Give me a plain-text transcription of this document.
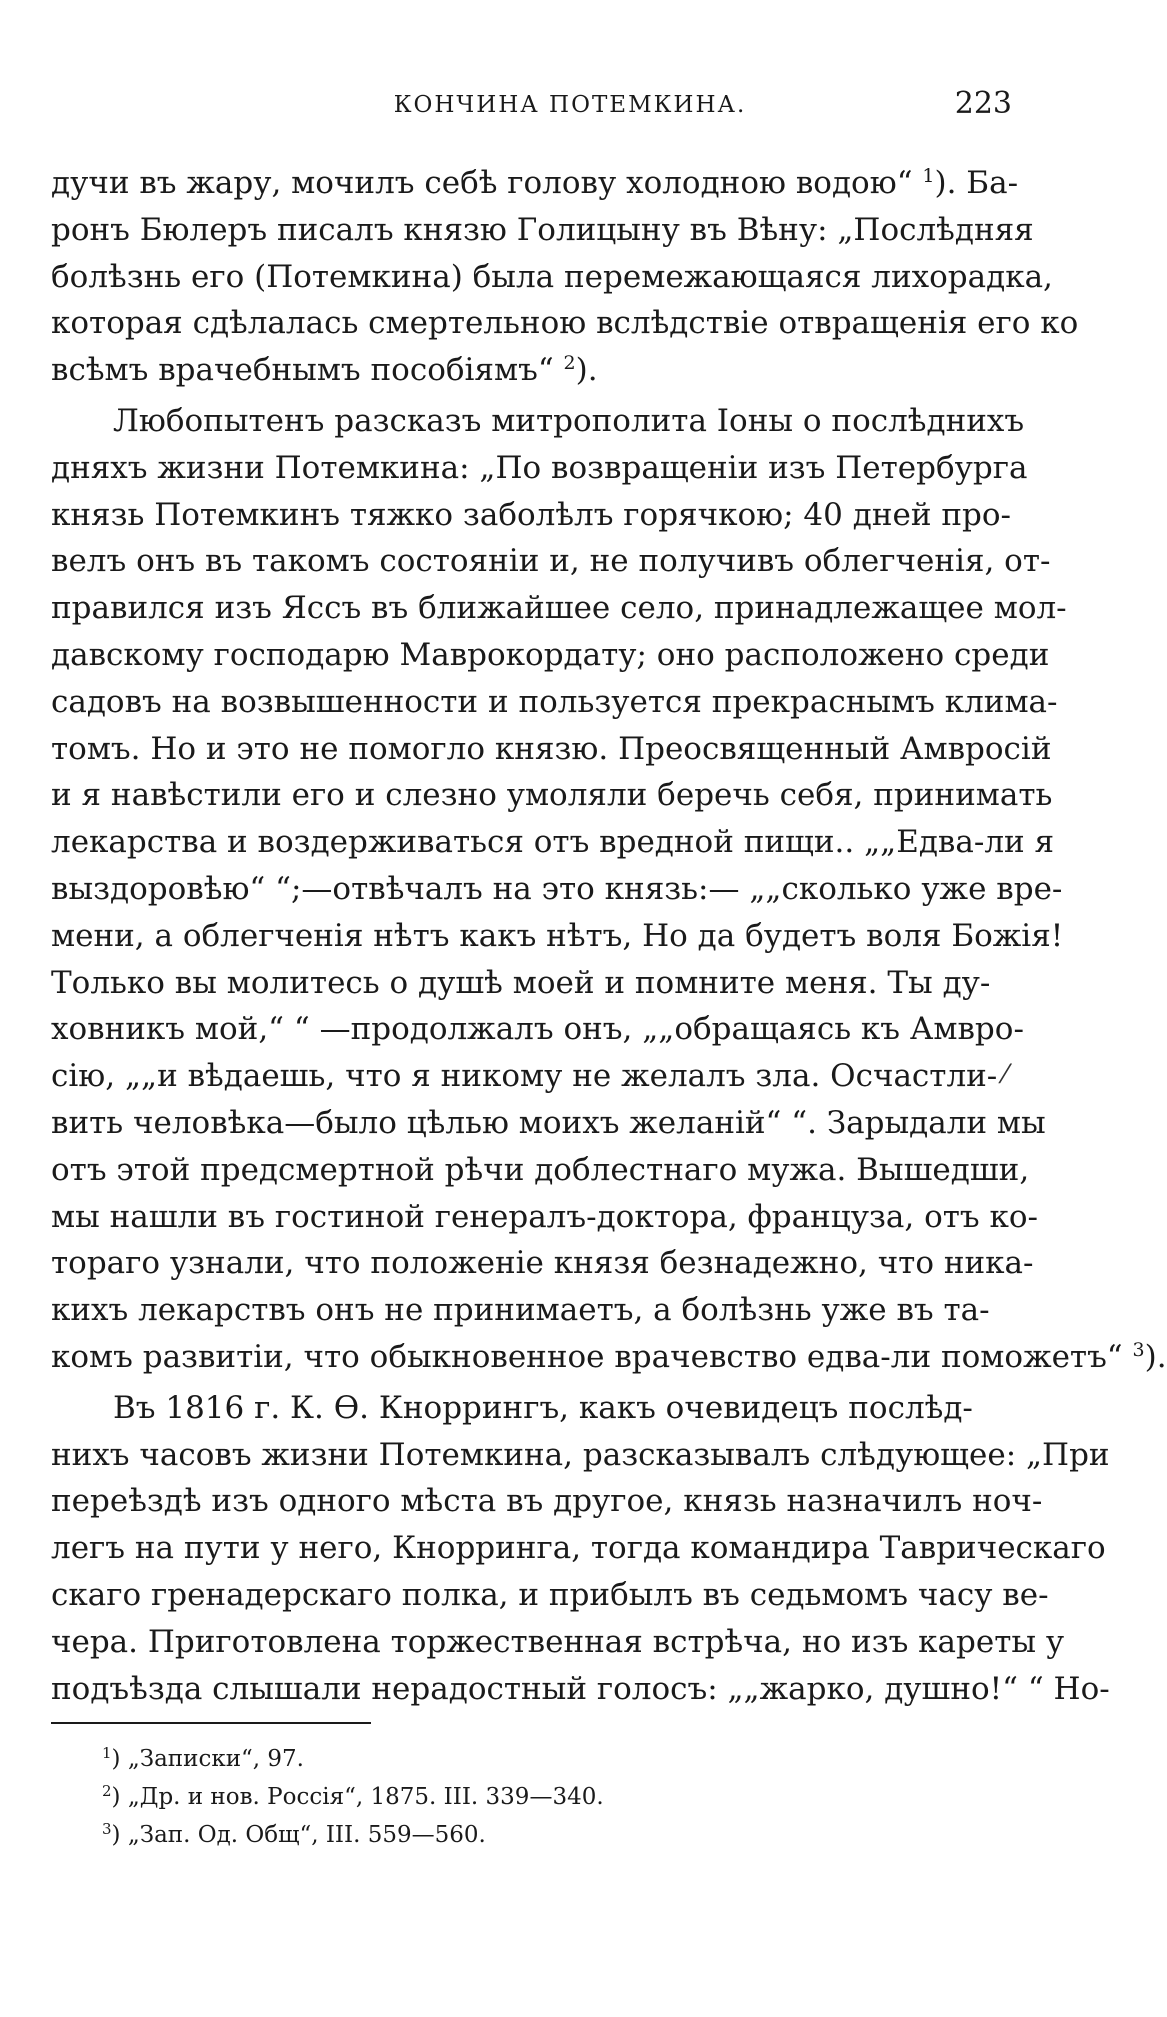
КОНЧИНА ПОТЕМКИНА.	223
дучи въ жару, мочилъ себѣ голову холодною водою“ $^1$). Ба-
ронъ Бюлеръ писалъ князю Голицыну въ Вѣну: „Послѣдняя
болѣзнь его (Потемкина) была перемежающаяся лихорадка,
которая сдѣлалась смертельною вслѣдствіе отвращенія его ко
всѣмъ врачебнымъ пособіямъ“ $^2$).
Любопытенъ разсказъ митрополита Іоны о послѣднихъ
дняхъ жизни Потемкина: „По возвращеніи изъ Петербурга
князь Потемкинъ тяжко заболѣлъ горячкою; 40 дней про-
велъ онъ въ такомъ состояніи и, не получивъ облегченія, от-
правился изъ Яссъ въ ближайшее село, принадлежащее мол-
давскому господарю Маврокордату; оно расположено среди
садовъ на возвышенности и пользуется прекраснымъ клима-
томъ. Но и это не помогло князю. Преосвященный Амвросій
и я навѣстили его и слезно умоляли беречь себя, принимать
лекарства и воздерживаться отъ вредной пищи.. „„Едва-ли я
выздоровѣю“ “;—отвѣчалъ на это князь:— „„сколько уже вре-
мени, а облегченія нѣтъ какъ нѣтъ, Но да будетъ воля Божія!
Только вы молитесь о душѣ моей и помните меня. Ты ду-
ховникъ мой,“ “ —продолжалъ онъ, „„обращаясь къ Амвро-
сію, „„и вѣдаешь, что я никому не желалъ зла. Осчастли-
вить человѣка—было цѣлью моихъ желаній“ “. Зарыдали мы
отъ этой предсмертной рѣчи доблестнаго мужа. Вышедши,
мы нашли въ гостиной генералъ-доктора, француза, отъ ко-
тораго узнали, что положеніе князя безнадежно, что ника-
кихъ лекарствъ онъ не принимаетъ, а болѣзнь уже въ та-
комъ развитіи, что обыкновенное врачевство едва-ли поможетъ“ $^3$).
Въ 1816 г. К. Ѳ. Кноррингъ, какъ очевидецъ послѣд-
нихъ часовъ жизни Потемкина, разсказывалъ слѣдующее: „При
переѣздѣ изъ одного мѣста въ другое, князь назначилъ ноч-
легъ на пути у него, Кнорринга, тогда командира Таврическаго
скаго гренадерскаго полка, и прибылъ въ седьмомъ часу ве-
чера. Приготовлена торжественная встрѣча, но изъ кареты у
подъѣзда слышали нерадостный голосъ: „„жарко, душно!“ “ Но-
$^1$) „Записки“, 97.
$^2$) „Др. и нов. Россія“, 1875. III. 339—340.
$^3$) „Зап. Од. Общ“, III. 559—560.
⁄
